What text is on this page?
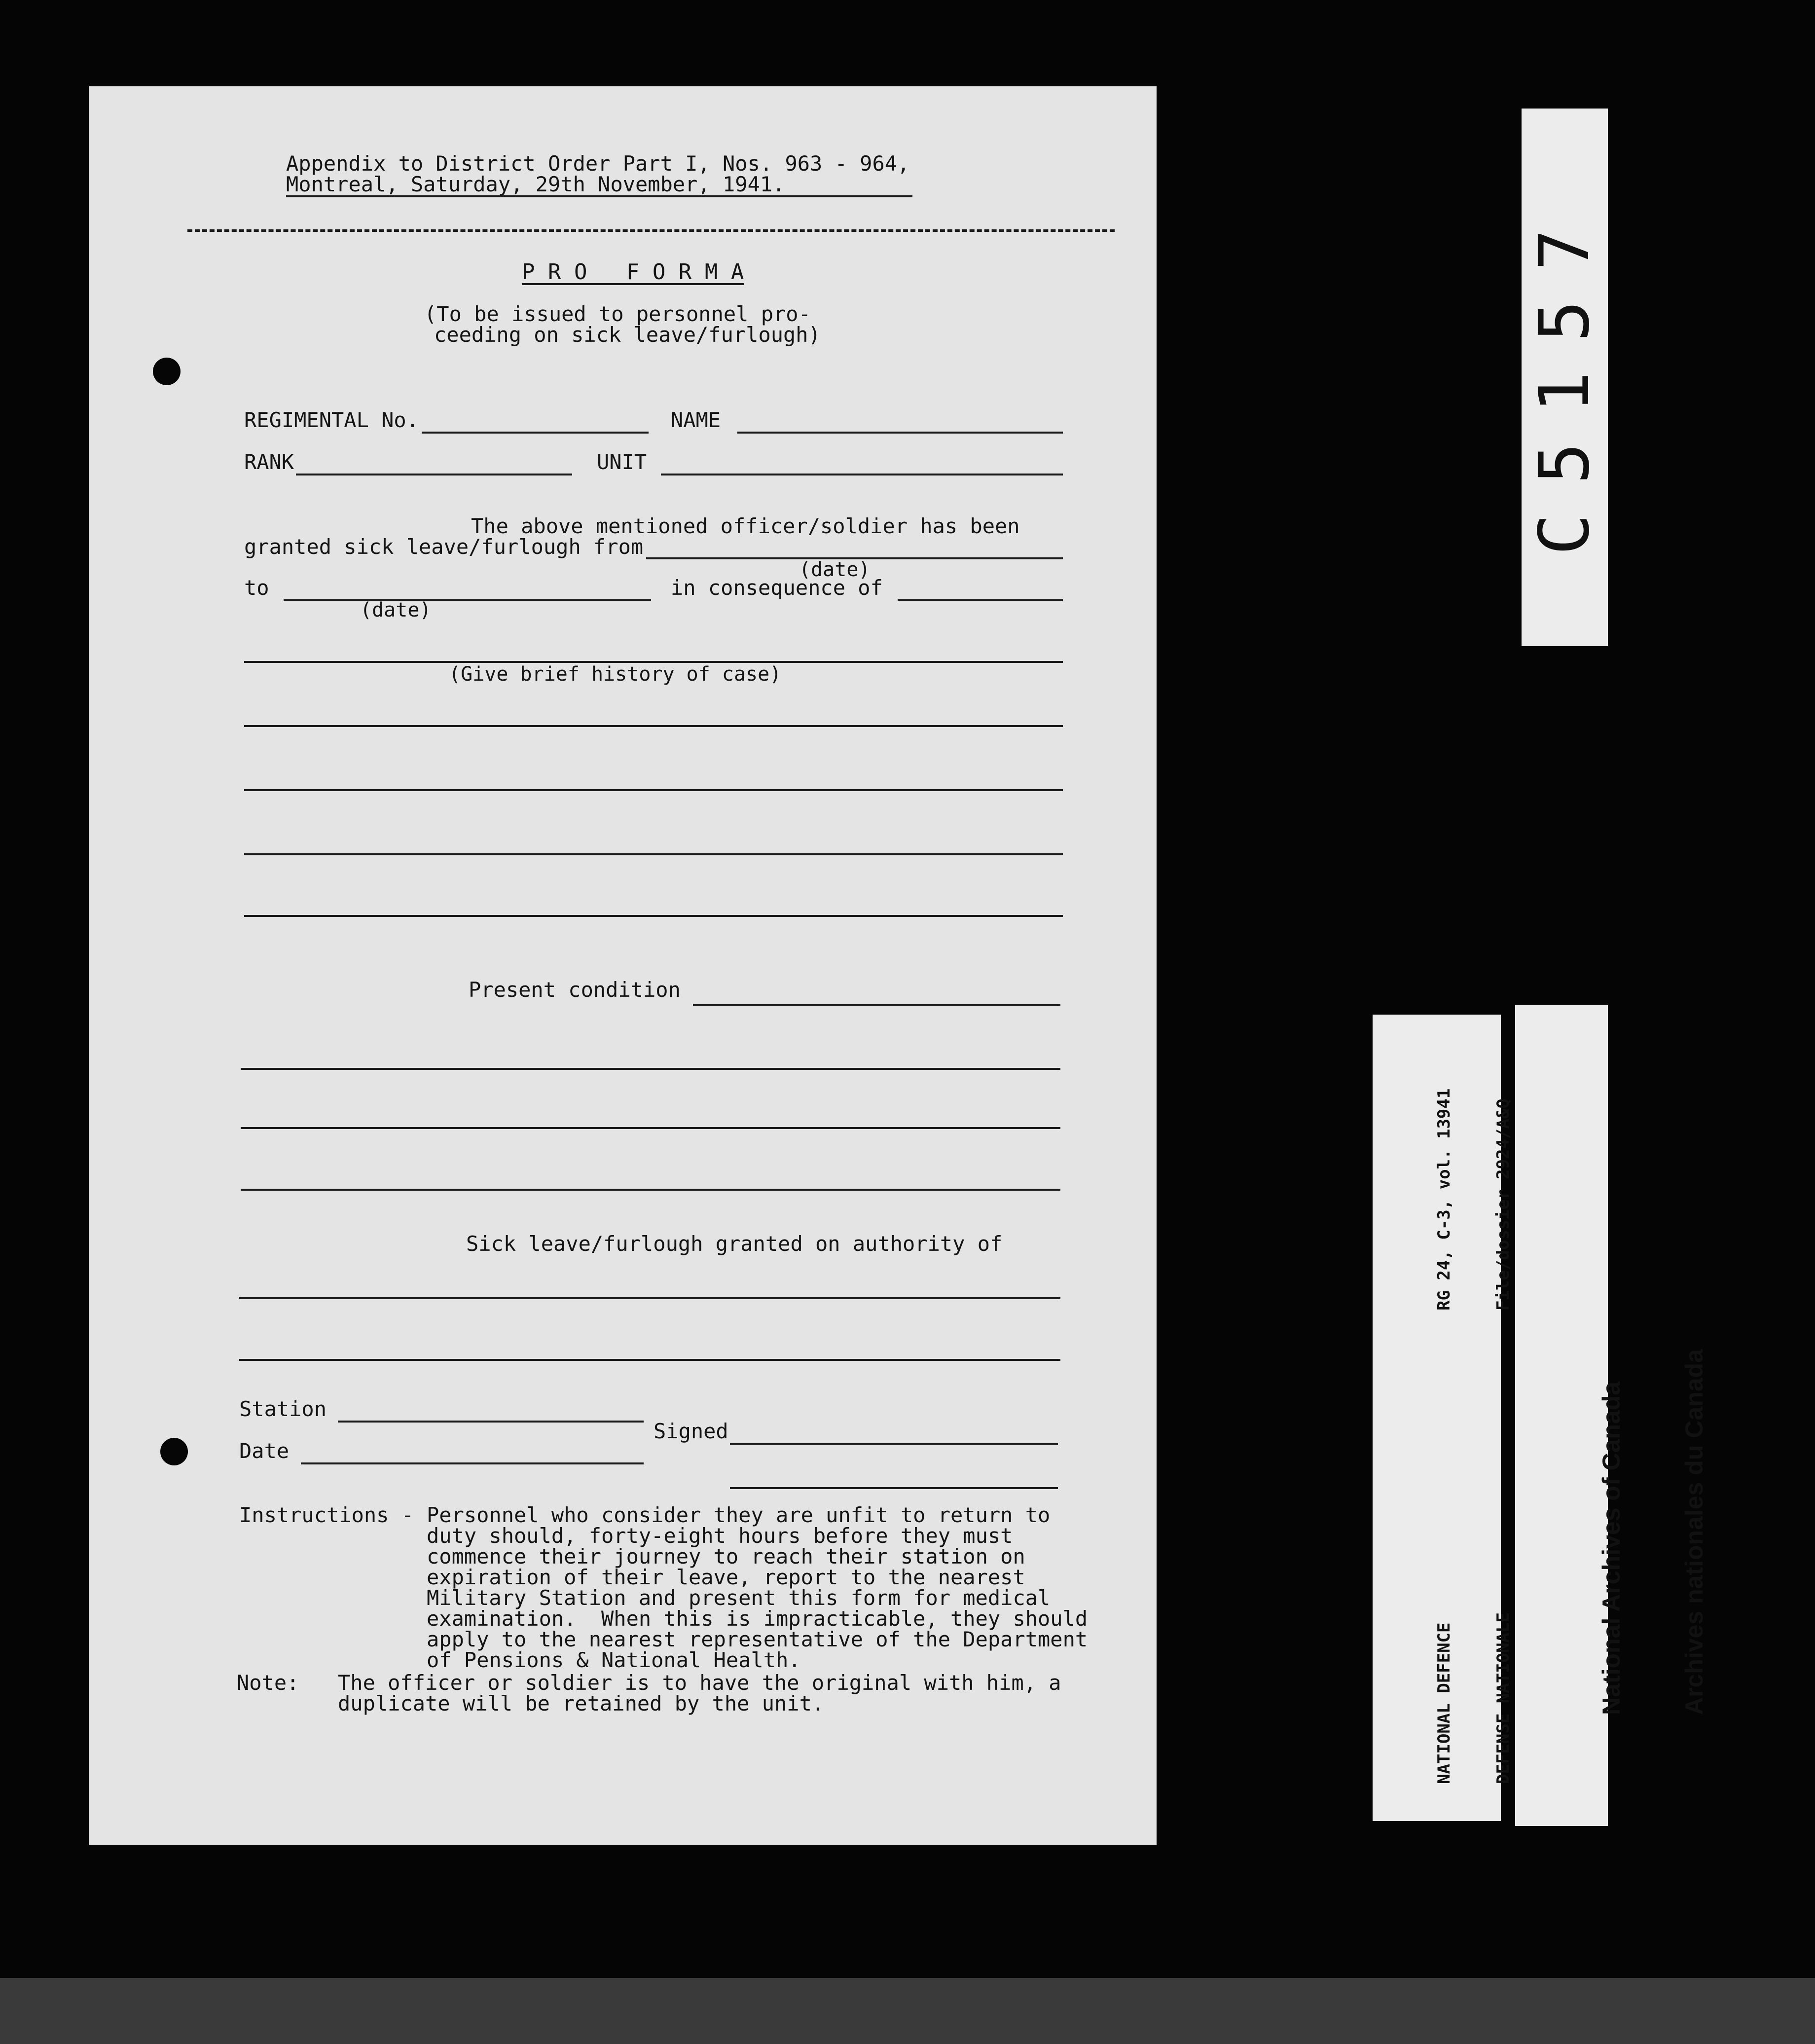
Appendix to District Order Part I, Nos. 963 - 964,
Montreal, Saturday, 29th November, 1941.
P R O   F O R M A
(To be issued to personnel pro-
ceeding on sick leave/furlough)
REGIMENTAL No.	NAME
RANK	UNIT
The above mentioned officer/soldier has been
granted sick leave/furlough from
(date)
to
(date)
in consequence of
(Give brief history of case)
Present condition
Sick leave/furlough granted on authority of
Station
Date
Signed
Instructions - Personnel who consider they are unfit to return to
duty should, forty-eight hours before they must
commence their journey to reach their station on
expiration of their leave, report to the nearest
Military Station and present this form for medical
examination.  When this is impracticable, they should
apply to the nearest representative of the Department
of Pensions & National Health.
Note: The officer or soldier is to have the original with him, a
duplicate will be retained by the unit.
C5157

RG 24, C-3, vol. 13941

File/dossier 2924/A&Q

NATIONAL DEFENCE

DEFENSE NATIONALE

	National Archives of Canada

Archives nationales du Canada
